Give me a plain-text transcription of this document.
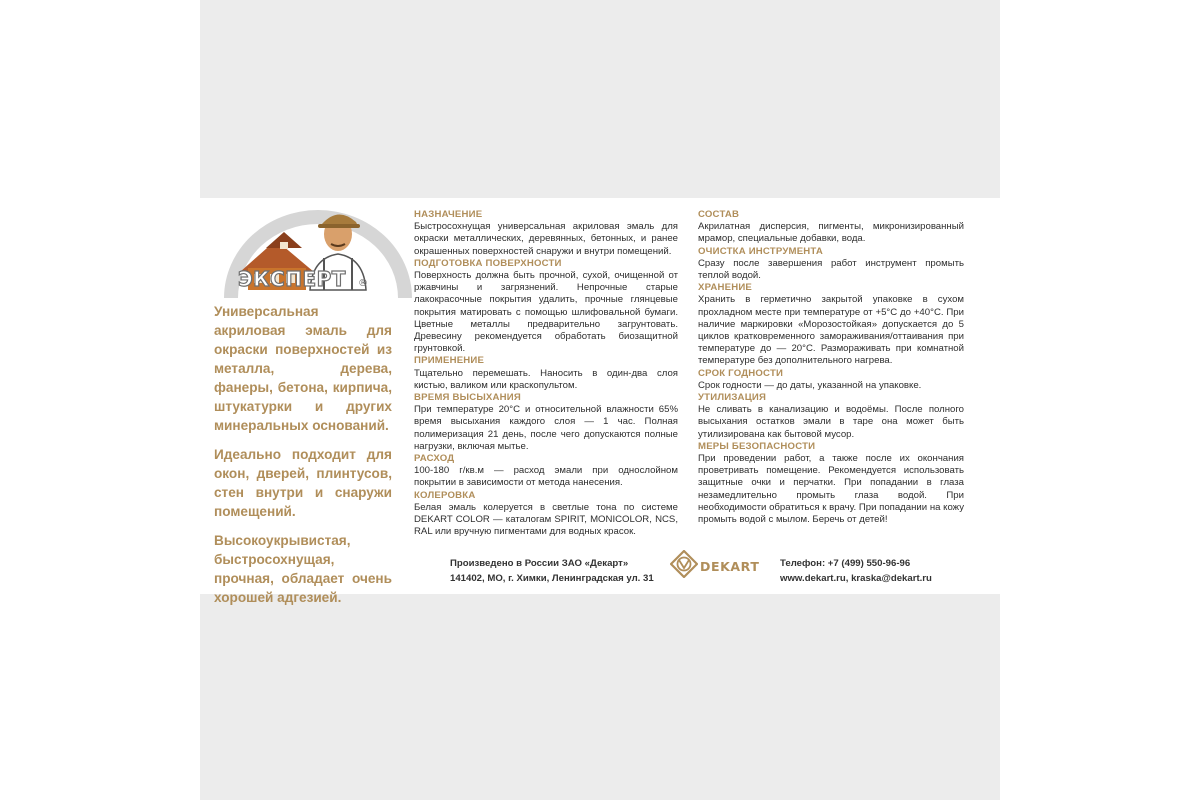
ЭКСПЕРТ ®

Универсальная акриловая эмаль для окраски поверхностей из металла, дерева, фанеры, бетона, кирпича, штукатурки и других минеральных оснований.

Идеально подходит для окон, дверей, плинтусов, стен внутри и снаружи помещений.

Высокоукрывистая, быстросохнущая, прочная, обладает очень хорошей адгезией.

НАЗНАЧЕНИЕ

Быстросохнущая универсальная акриловая эмаль для окраски металлических, деревянных, бетонных, и ранее окрашенных поверхностей снаружи и внутри помещений.

ПОДГОТОВКА ПОВЕРХНОСТИ

Поверхность должна быть прочной, сухой, очищенной от ржавчины и загрязнений. Непрочные старые лакокрасочные покрытия удалить, прочные глянцевые покрытия матировать с помощью шлифовальной бумаги. Цветные металлы предварительно загрунтовать. Древесину рекомендуется обработать биозащитной грунтовкой.

ПРИМЕНЕНИЕ

Тщательно перемешать. Наносить в один-два слоя кистью, валиком или краскопультом.

ВРЕМЯ ВЫСЫХАНИЯ

При температуре 20°С и относительной влажности 65% время высыхания каждого слоя — 1 час. Полная полимеризация 21 день, после чего допускаются полные нагрузки, включая мытье.

РАСХОД

100-180 г/кв.м — расход эмали при однослойном покрытии в зависимости от метода нанесения.

КОЛЕРОВКА

Белая эмаль колеруется в светлые тона по системе DEKART COLOR — каталогам SPIRIT, MONICOLOR, NCS, RAL или вручную пигментами для водных красок.

СОСТАВ

Акрилатная дисперсия, пигменты, микронизированный мрамор, специальные добавки, вода.

ОЧИСТКА ИНСТРУМЕНТА

Сразу после завершения работ инструмент промыть теплой водой.

ХРАНЕНИЕ

Хранить в герметично закрытой упаковке в сухом прохладном месте при температуре от +5°С до +40°С. При наличие маркировки «Морозостойкая» допускается до 5 циклов кратковременного замораживания/оттаивания при температуре до — 20°С. Размораживать при комнатной температуре без дополнительного нагрева.

СРОК ГОДНОСТИ

Срок годности — до даты, указанной на упаковке.

УТИЛИЗАЦИЯ

Не сливать в канализацию и водоёмы. После полного высыхания остатков эмали в таре она может быть утилизирована как бытовой мусор.

МЕРЫ БЕЗОПАСНОСТИ

При проведении работ, а также после их окончания проветривать помещение. Рекомендуется использовать защитные очки и перчатки. При попадании в глаза незамедлительно промыть глаза водой. При необходимости обратиться к врачу. При попадании на кожу промыть водой с мылом. Беречь от детей!

Произведено в России ЗАО «Декарт»
141402, МО, г. Химки, Ленинградская ул. 31
DEKART Телефон: +7 (499) 550-96-96
www.dekart.ru, kraska@dekart.ru
